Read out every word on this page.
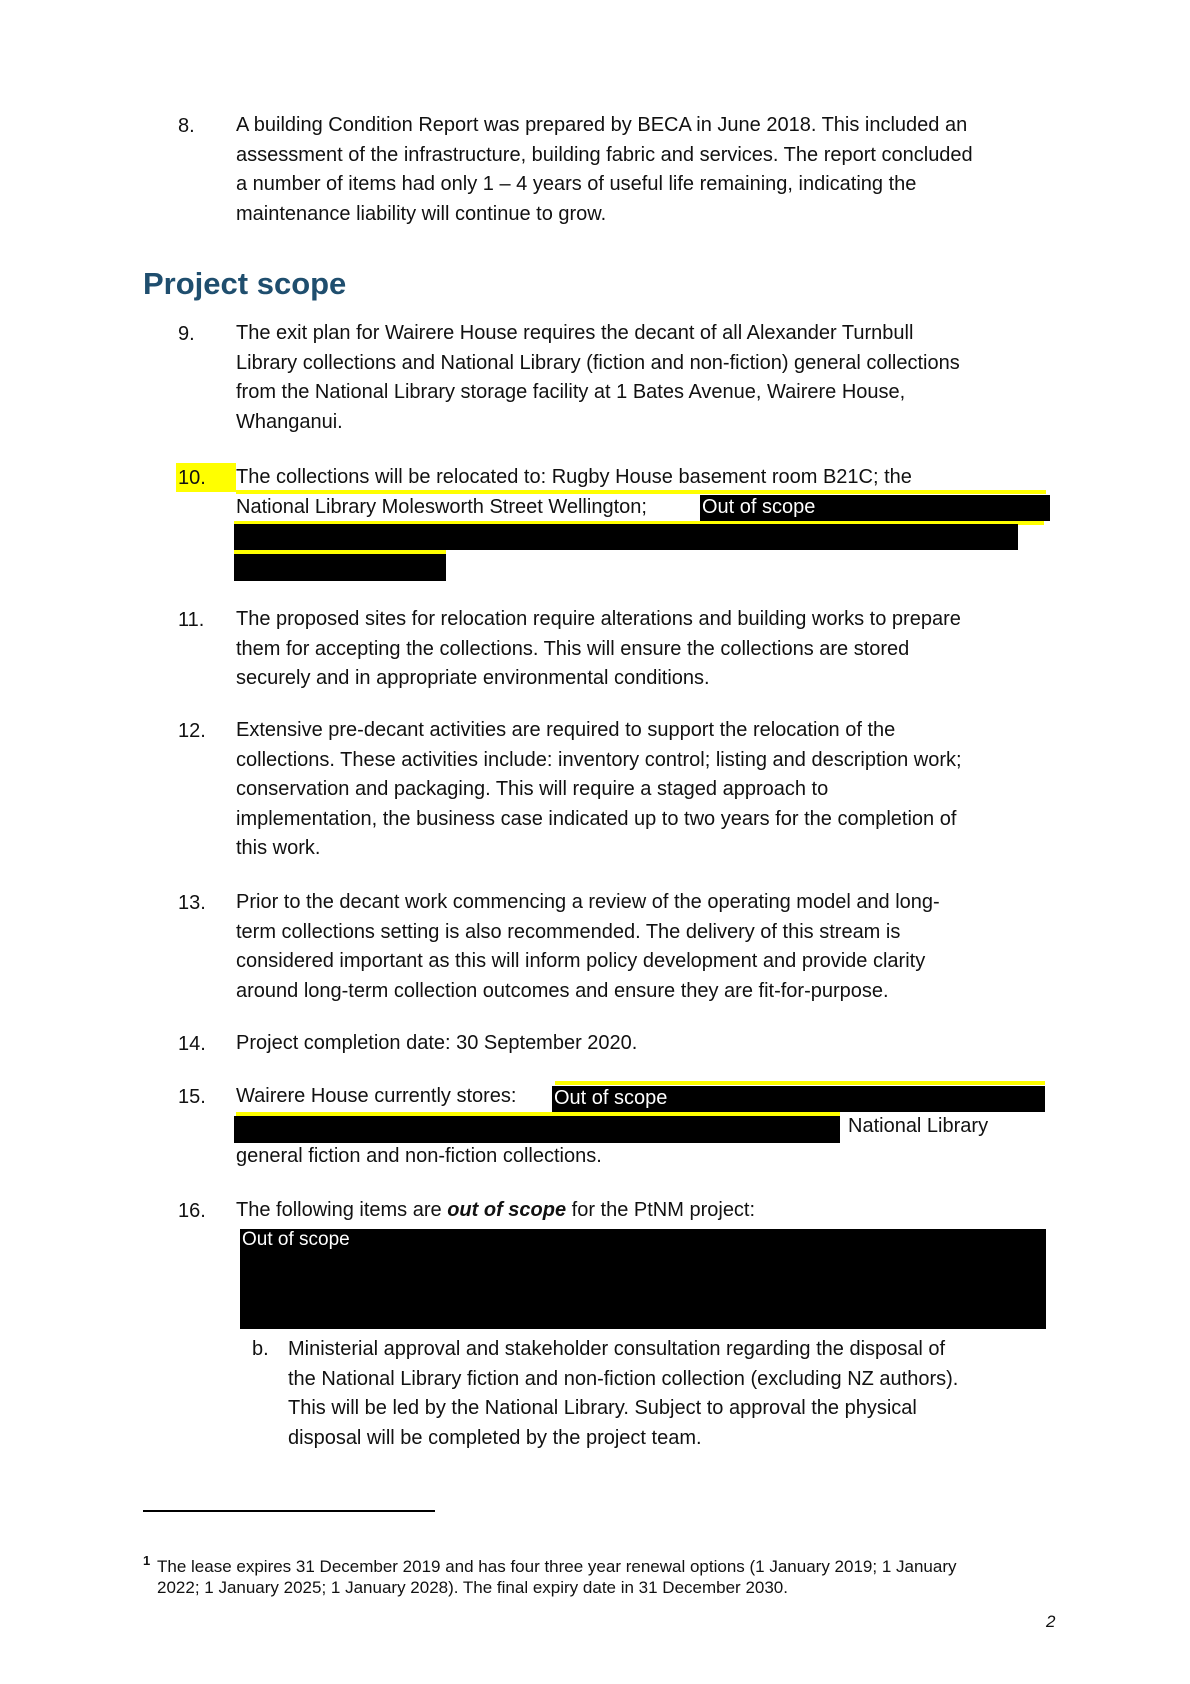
8. A building Condition Report was prepared by BECA in June 2018. This included an
assessment of the infrastructure, building fabric and services. The report concluded
a number of items had only 1 – 4 years of useful life remaining, indicating the
maintenance liability will continue to grow.
Project scope
9. The exit plan for Wairere House requires the decant of all Alexander Turnbull
Library collections and National Library (fiction and non-fiction) general collections
from the National Library storage facility at 1 Bates Avenue, Wairere House,
Whanganui.
10. The collections will be relocated to: Rugby House basement room B21C; the
National Library Molesworth Street Wellington;	Out of scope
11. The proposed sites for relocation require alterations and building works to prepare
them for accepting the collections. This will ensure the collections are stored
securely and in appropriate environmental conditions.
12. Extensive pre-decant activities are required to support the relocation of the
collections. These activities include: inventory control; listing and description work;
conservation and packaging. This will require a staged approach to
implementation, the business case indicated up to two years for the completion of
this work.
13. Prior to the decant work commencing a review of the operating model and long-
term collections setting is also recommended. The delivery of this stream is
considered important as this will inform policy development and provide clarity
around long-term collection outcomes and ensure they are fit-for-purpose.
14. Project completion date: 30 September 2020.
15. Wairere House currently stores:	Out of scope
National Library
general fiction and non-fiction collections.
16. The following items are out of scope for the PtNM project:
Out of scope
b. Ministerial approval and stakeholder consultation regarding the disposal of
the National Library fiction and non-fiction collection (excluding NZ authors).
This will be led by the National Library. Subject to approval the physical
disposal will be completed by the project team.
1 The lease expires 31 December 2019 and has four three year renewal options (1 January 2019; 1 January
2022; 1 January 2025; 1 January 2028). The final expiry date in 31 December 2030.
2
